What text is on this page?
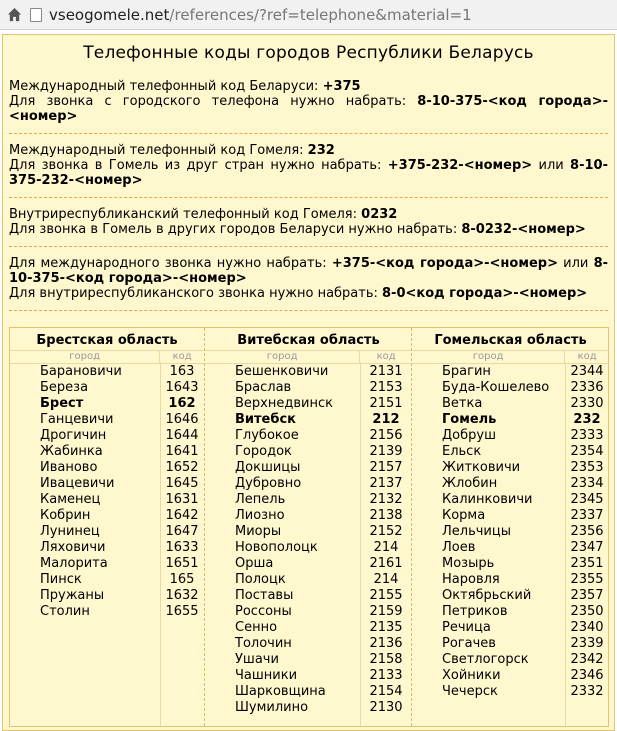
vseogomele.net /references/?ref=telephone&material=1
Телефонные коды городов Республики Беларусь
Международный телефонный код Беларуси: +375
Для звонка с городского телефона нужно набрать: 8-10-375-<код города>-<номер>
Международный телефонный код Гомеля: 232
Для звонка в Гомель из друг стран нужно набрать: +375-232-<номер> или 8-10-375-232-<номер>
Внутриреспубликанский телефонный код Гомеля: 0232
Для звонка в Гомель в других городов Беларуси нужно набрать: 8-0232-<номер>
Для международного звонка нужно набрать: +375-<код города>-<номер> или 8-10-375-<код города>-<номер>
Для внутриреспубликанского звонка нужно набрать: 8-0<код города>-<номер>
Брестская область
город	код
Барановичи	163
Береза	1643
Брест	162
Ганцевичи	1646
Дрогичин	1644
Жабинка	1641
Иваново	1652
Ивацевичи	1645
Каменец	1631
Кобрин	1642
Лунинец	1647
Ляховичи	1633
Малорита	1651
Пинск	165
Пружаны	1632
Столин	1655
Витебская область
город	код
Бешенковичи	2131
Браслав	2153
Верхнедвинск	2151
Витебск	212
Глубокое	2156
Городок	2139
Докшицы	2157
Дубровно	2137
Лепель	2132
Лиозно	2138
Миоры	2152
Новополоцк	214
Орша	2161
Полоцк	214
Поставы	2155
Россоны	2159
Сенно	2135
Толочин	2136
Ушачи	2158
Чашники	2133
Шарковщина	2154
Шумилино	2130
Гомельская область
город	код
Брагин	2344
Буда-Кошелево	2336
Ветка	2330
Гомель	232
Добруш	2333
Ельск	2354
Житковичи	2353
Жлобин	2334
Калинковичи	2345
Корма	2337
Лельчицы	2356
Лоев	2347
Мозырь	2351
Наровля	2355
Октябрьский	2357
Петриков	2350
Речица	2340
Рогачев	2339
Светлогорск	2342
Хойники	2346
Чечерск	2332
